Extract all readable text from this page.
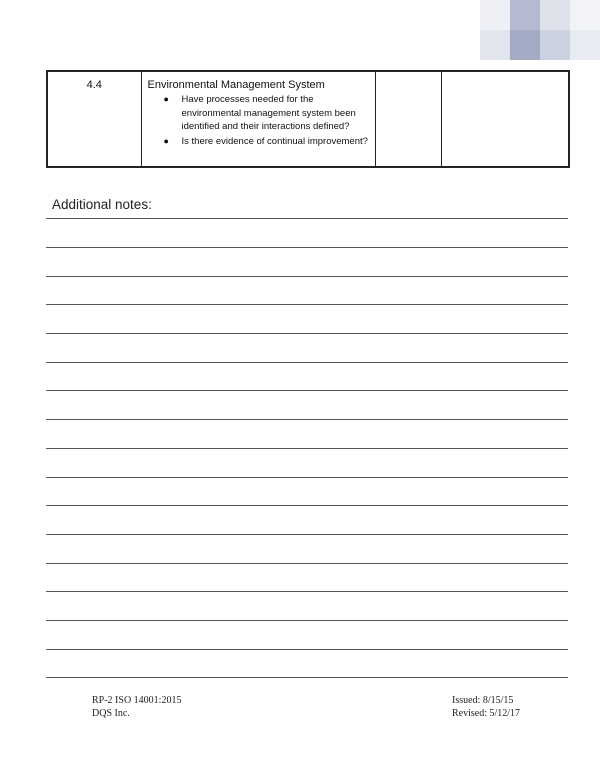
4.4	Environmental Management System
● Have processes needed for the environmental management system been identified and their interactions defined?
● Is there evidence of continual improvement?

Additional notes:
RP-2 ISO 14001:2015
DQS Inc.
Issued: 8/15/15
Revised: 5/12/17
